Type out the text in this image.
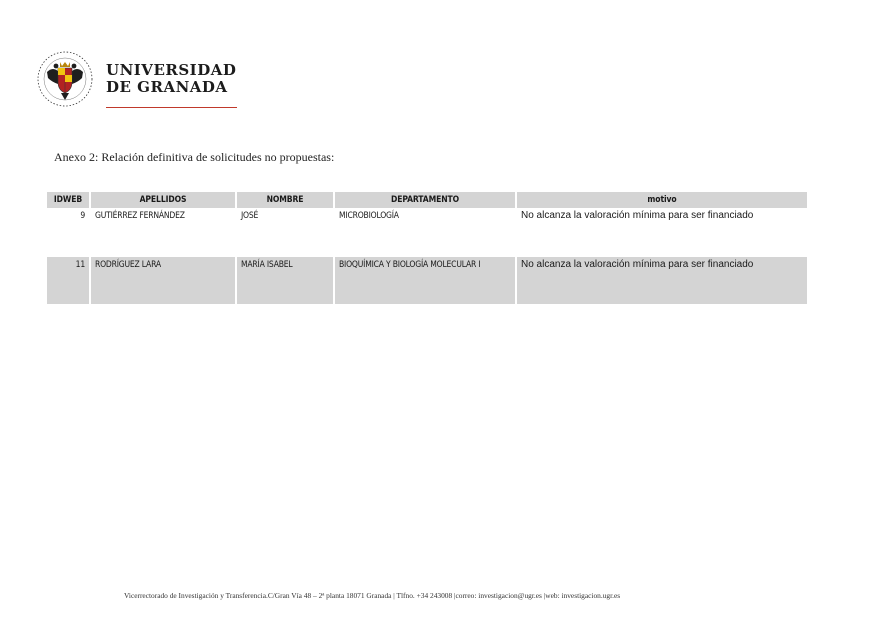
UNIVERSIDAD
DE GRANADA
Anexo 2: Relación definitiva de solicitudes no propuestas:
IDWEB	APELLIDOS	NOMBRE	DEPARTAMENTO	motivo
9	GUTIÉRREZ FERNÁNDEZ	JOSÉ	MICROBIOLOGÍA	No alcanza la valoración mínima para ser financiado

11	RODRÍGUEZ LARA	MARÍA ISABEL	BIOQUÍMICA Y BIOLOGÍA MOLECULAR I	No alcanza la valoración mínima para ser financiado
Vicerrectorado de Investigación y Transferencia.C/Gran Vía 48 – 2ª planta 18071 Granada | Tlfno. +34 243008 |correo: investigacion@ugr.es |web: investigacion.ugr.es
